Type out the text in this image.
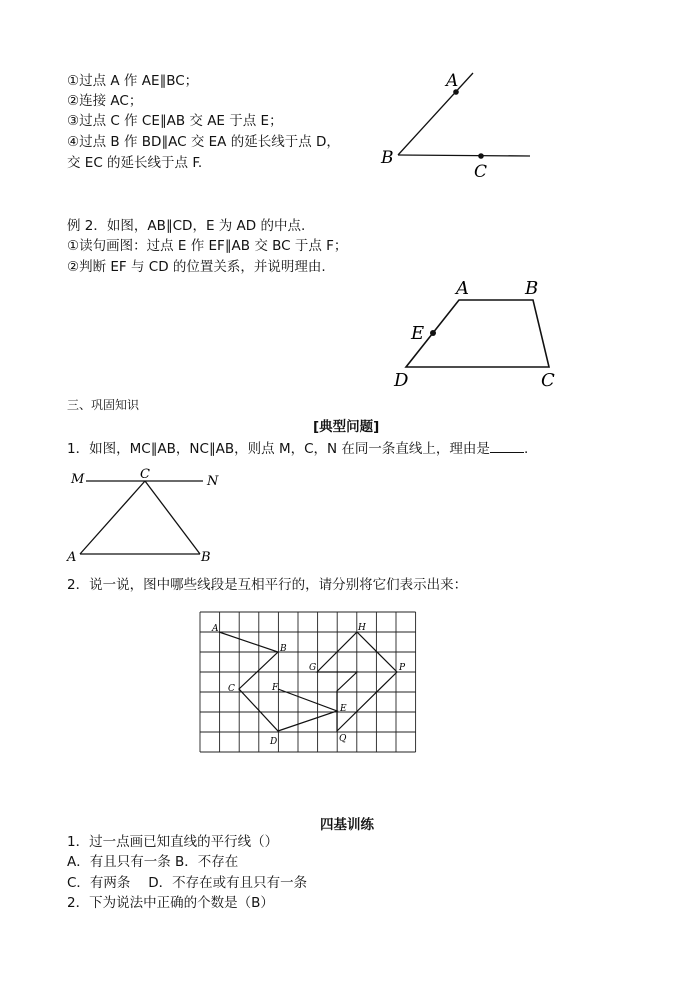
①过点 A 作 AE∥BC；
②连接 AC；
③过点 C 作 CE∥AB 交 AE 于点 E；
④过点 B 作 BD∥AC 交 EA 的延长线于点 D，
交 EC 的延长线于点 F.
A
B
C
例 2．如图，AB∥CD，E 为 AD 的中点.
①读句画图：过点 E 作 EF∥AB 交 BC 于点 F；
②判断 EF 与 CD 的位置关系，并说明理由.
A	B
E
D	C
三、巩固知识
[典型问题]
1．如图，MC∥AB，NC∥AB，则点 M，C，N 在同一条直线上，理由是	.
M	C	N
A	B
2．说一说，图中哪些线段是互相平行的，请分别将它们表示出来：
A
B
C
D
E
F
G
H
P
Q
四基训练
1．过一点画已知直线的平行线（）
A．有且只有一条 B．不存在
C．有两条　 D．不存在或有且只有一条
2．下为说法中正确的个数是（B）
